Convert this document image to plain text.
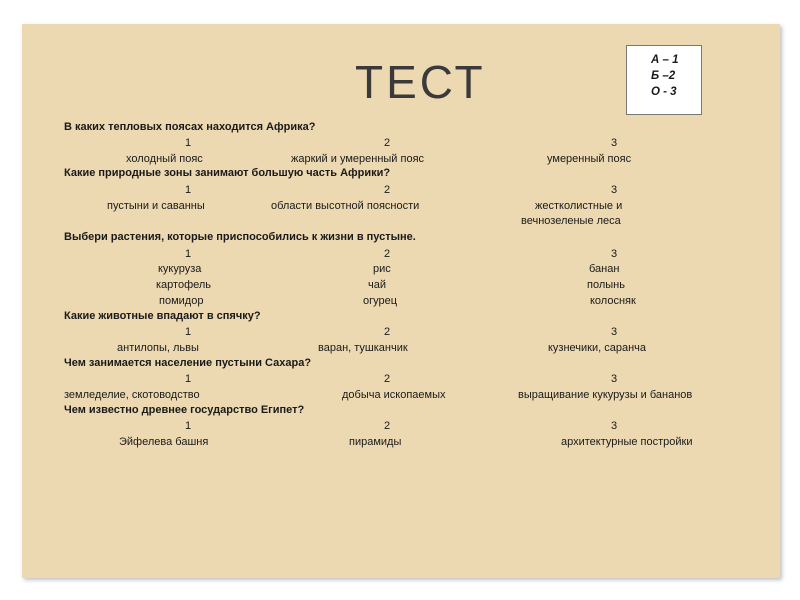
ТЕСТ	А – 1
Б –2
О - 3
В каких тепловых поясах находится Африка?
1	2	3
холодный пояс	жаркий и умеренный пояс	умеренный пояс
Какие природные зоны занимают большую часть Африки?
1	2	3
пустыни и саванны	области высотной поясности	жестколистные и
вечнозеленые леса
Выбери растения, которые приспособились к жизни в пустыне.
1	2	3
кукуруза	рис	банан
картофель	чай	полынь
помидор	огурец	колосняк
Какие животные впадают в спячку?
1	2	3
антилопы, львы	варан, тушканчик	кузнечики, саранча
Чем занимается население пустыни Сахара?
1	2	3
земледелие, скотоводство	добыча ископаемых	выращивание кукурузы и бананов
Чем известно древнее государство Египет?
1	2	3
Эйфелева башня	пирамиды	архитектурные постройки
